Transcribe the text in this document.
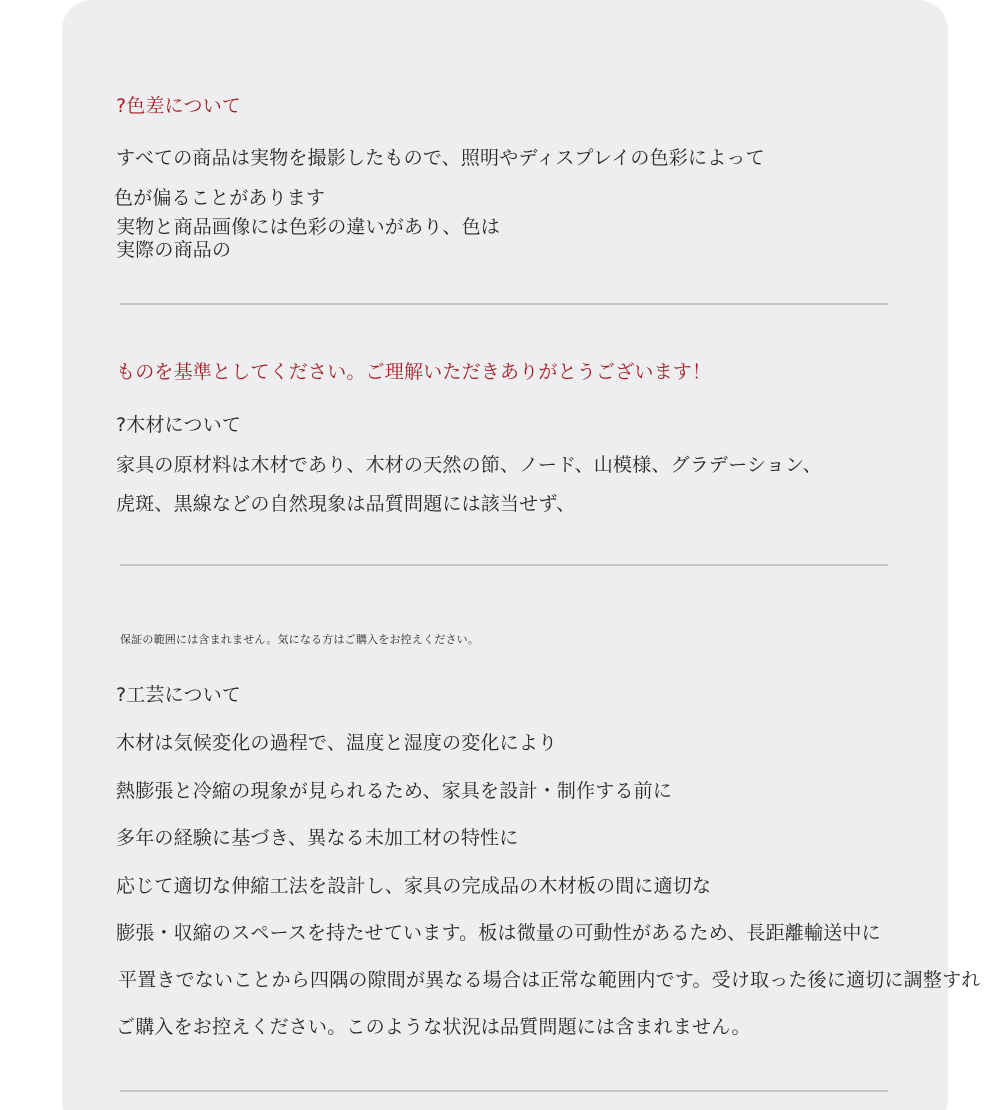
?色差について
すべての商品は実物を撮影したもので、照明やディスプレイの色彩によって
色が偏ることがあります
実物と商品画像には色彩の違いがあり、色は
実際の商品の
ものを基準としてください。ご理解いただきありがとうございます！
?木材について
家具の原材料は木材であり、木材の天然の節、ノード、山模様、グラデーション、
虎斑、黒線などの自然現象は品質問題には該当せず、
保証の範囲には含まれません。気になる方はご購入をお控えください。
?工芸について
木材は気候変化の過程で、温度と湿度の変化により
熱膨張と冷縮の現象が見られるため、家具を設計・制作する前に
多年の経験に基づき、異なる未加工材の特性に
応じて適切な伸縮工法を設計し、家具の完成品の木材板の間に適切な
膨張・収縮のスペースを持たせています。板は微量の可動性があるため、長距離輸送中に
平置きでないことから四隅の隙間が異なる場合は正常な範囲内です。受け取った後に適切に調整すれ
ご購入をお控えください。このような状況は品質問題には含まれません。
